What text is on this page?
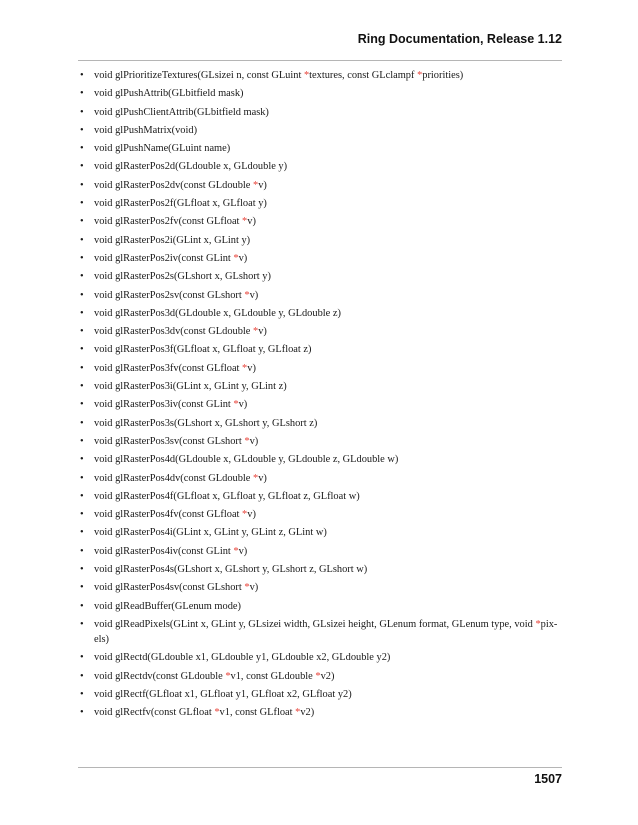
Ring Documentation, Release 1.12
• void glPrioritizeTextures(GLsizei n, const GLuint *textures, const GLclampf *priorities)
• void glPushAttrib(GLbitfield mask)
• void glPushClientAttrib(GLbitfield mask)
• void glPushMatrix(void)
• void glPushName(GLuint name)
• void glRasterPos2d(GLdouble x, GLdouble y)
• void glRasterPos2dv(const GLdouble *v)
• void glRasterPos2f(GLfloat x, GLfloat y)
• void glRasterPos2fv(const GLfloat *v)
• void glRasterPos2i(GLint x, GLint y)
• void glRasterPos2iv(const GLint *v)
• void glRasterPos2s(GLshort x, GLshort y)
• void glRasterPos2sv(const GLshort *v)
• void glRasterPos3d(GLdouble x, GLdouble y, GLdouble z)
• void glRasterPos3dv(const GLdouble *v)
• void glRasterPos3f(GLfloat x, GLfloat y, GLfloat z)
• void glRasterPos3fv(const GLfloat *v)
• void glRasterPos3i(GLint x, GLint y, GLint z)
• void glRasterPos3iv(const GLint *v)
• void glRasterPos3s(GLshort x, GLshort y, GLshort z)
• void glRasterPos3sv(const GLshort *v)
• void glRasterPos4d(GLdouble x, GLdouble y, GLdouble z, GLdouble w)
• void glRasterPos4dv(const GLdouble *v)
• void glRasterPos4f(GLfloat x, GLfloat y, GLfloat z, GLfloat w)
• void glRasterPos4fv(const GLfloat *v)
• void glRasterPos4i(GLint x, GLint y, GLint z, GLint w)
• void glRasterPos4iv(const GLint *v)
• void glRasterPos4s(GLshort x, GLshort y, GLshort z, GLshort w)
• void glRasterPos4sv(const GLshort *v)
• void glReadBuffer(GLenum mode)
• void glReadPixels(GLint x, GLint y, GLsizei width, GLsizei height, GLenum format, GLenum type, void *pix-els)
• void glRectd(GLdouble x1, GLdouble y1, GLdouble x2, GLdouble y2)
• void glRectdv(const GLdouble *v1, const GLdouble *v2)
• void glRectf(GLfloat x1, GLfloat y1, GLfloat x2, GLfloat y2)
• void glRectfv(const GLfloat *v1, const GLfloat *v2)
1507
